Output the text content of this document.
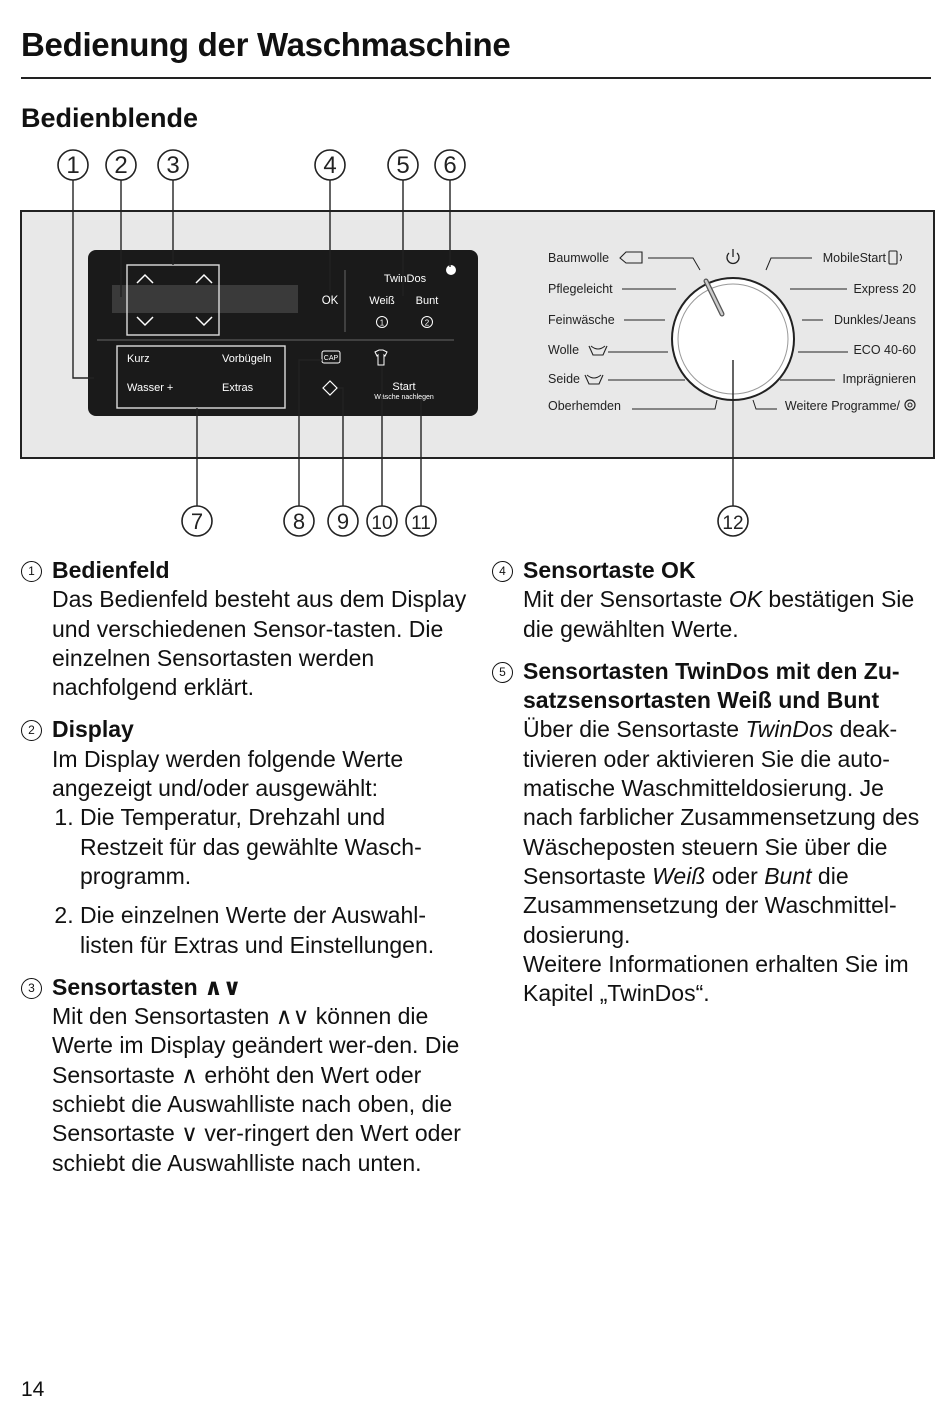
Bedienung der Waschmaschine
Bedienblende
OK
TwinDos
Weiß Bunt
1	2
Kurz	Vorbügeln
Wasser +	Extras
CAP
Start
Wäsche nachlegen
Baumwolle
Pflegeleicht
Feinwäsche
Wolle
Seide
Oberhemden
MobileStart
Express 20
Dunkles/Jeans
ECO 40-60
Imprägnieren
Weitere Programme/
1 2 3	4 5 6
7	8 9 10 11	12
1 Bedienfeld
Das Bedienfeld besteht aus dem Display und verschiedenen Sensor-tasten. Die einzelnen Sensortasten werden nachfolgend erklärt.
2 Display
Im Display werden folgende Werte angezeigt und/oder ausgewählt:
1. Die Temperatur, Drehzahl und Restzeit für das gewählte Wasch-programm.
2. Die einzelnen Werte der Auswahl-listen für Extras und Einstellungen.
3 Sensortasten ∧∨
Mit den Sensortasten ∧∨ können die Werte im Display geändert wer-den. Die Sensortaste ∧ erhöht den Wert oder schiebt die Auswahlliste nach oben, die Sensortaste ∨ ver-ringert den Wert oder schiebt die Auswahlliste nach unten.
4 Sensortaste OK
Mit der Sensortaste OK bestätigen Sie die gewählten Werte.
5 Sensortasten TwinDos mit den Zu-satzsensortasten Weiß und Bunt
Über die Sensortaste TwinDos deak-tivieren oder aktivieren Sie die auto-matische Waschmitteldosierung. Je nach farblicher Zusammensetzung des Wäscheposten steuern Sie über die Sensortaste Weiß oder Bunt die Zusammensetzung der Waschmittel-dosierung.
Weitere Informationen erhalten Sie im Kapitel „TwinDos“.
14
